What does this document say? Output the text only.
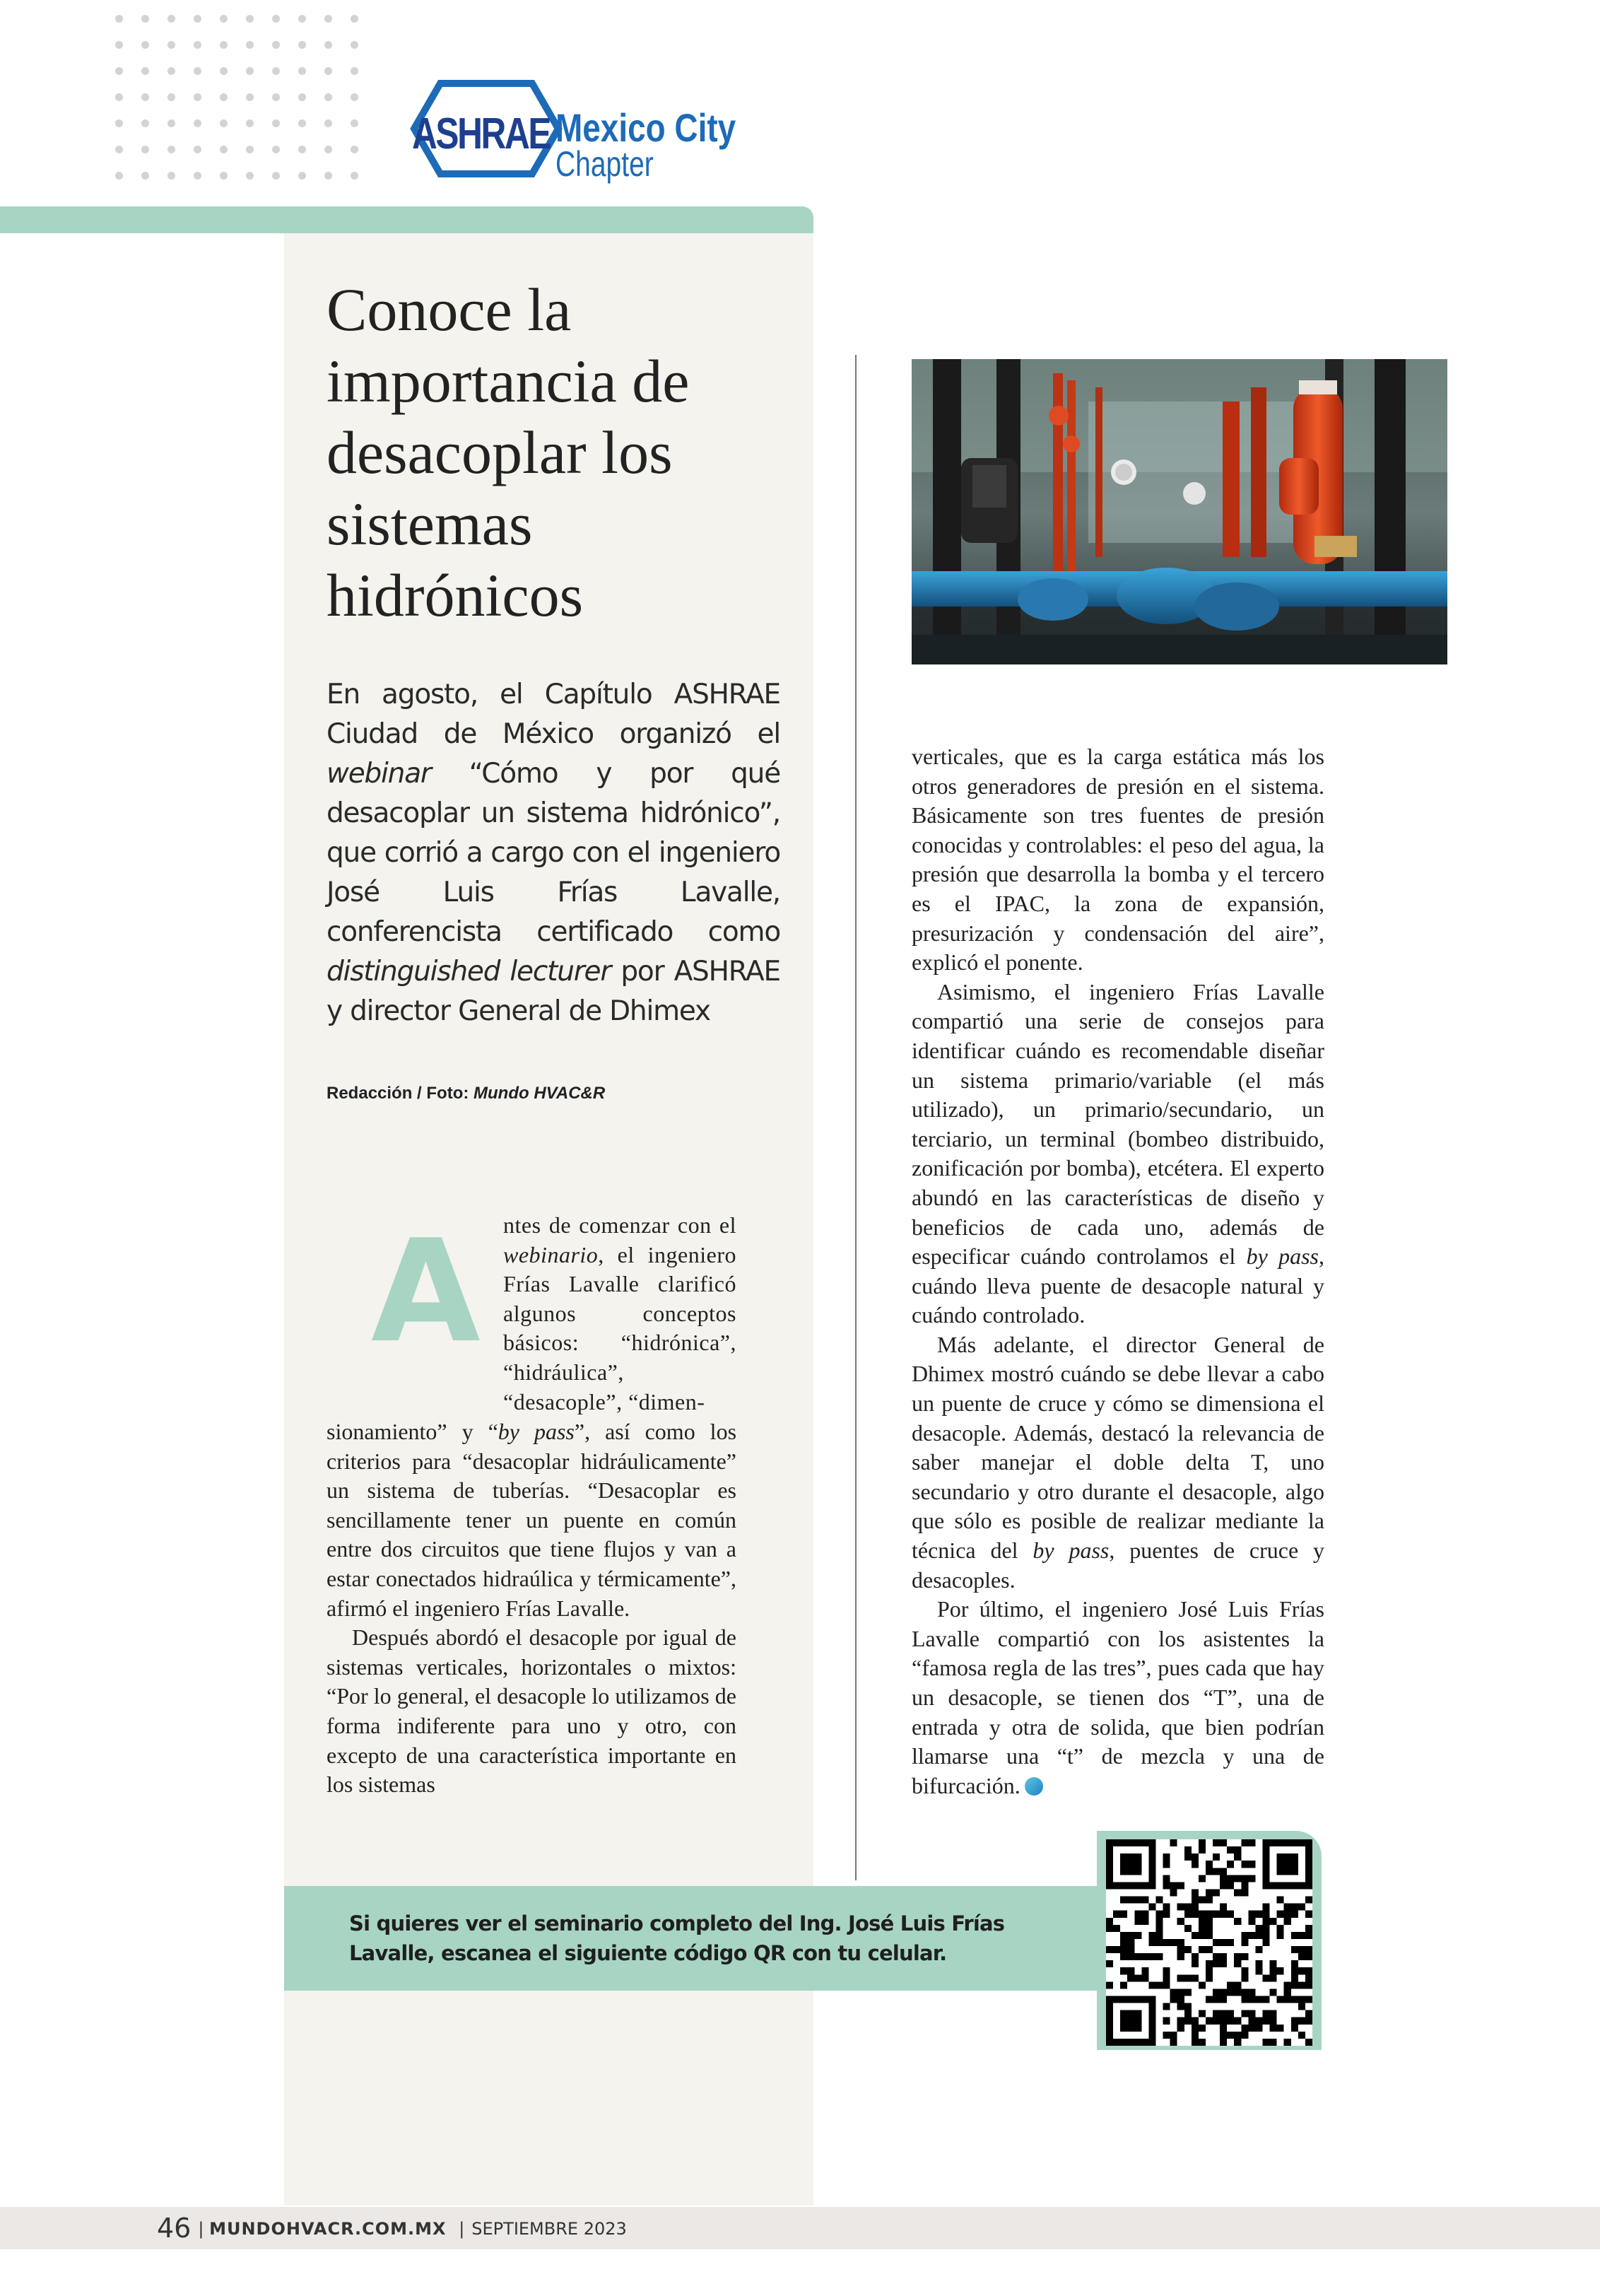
ASHRAE Mexico City
Chapter
Conoce la importancia de desacoplar los sistemas hidrónicos
En agosto, el Capítulo ASHRAE Ciudad de México organizó el webinar “Cómo y por qué desacoplar un sistema hidrónico”, que corrió a cargo con el ingeniero José Luis Frías Lavalle, conferencista certificado como distinguished lecturer por ASHRAE y director General de Dhimex
Redacción / Foto: Mundo HVAC&R
A ntes de comenzar con el webinario, el ingeniero Frías Lavalle clarificó algunos conceptos básicos: “hidrónica”, “hidráulica”, “desacople”, “dimen-

sionamiento” y “by pass”, así como los criterios para “desacoplar hidráulicamente” un sistema de tuberías. “Desacoplar es sencillamente tener un puente en común entre dos circuitos que tiene flujos y van a estar conectados hidraúlica y térmicamente”, afirmó el ingeniero Frías Lavalle.

Después abordó el desacople por igual de sistemas verticales, horizontales o mixtos: “Por lo general, el desacople lo utilizamos de forma indiferente para uno y otro, con excepto de una característica importante en los sistemas

verticales, que es la carga estática más los otros generadores de presión en el sistema. Básicamente son tres fuentes de presión conocidas y controlables: el peso del agua, la presión que desarrolla la bomba y el tercero es el IPAC, la zona de expansión, presurización y condensación del aire”, explicó el ponente.

Asimismo, el ingeniero Frías Lavalle compartió una serie de consejos para identificar cuándo es recomendable diseñar un sistema primario/variable (el más utilizado), un primario/secundario, un terciario, un terminal (bombeo distribuido, zonificación por bomba), etcétera. El experto abundó en las características de diseño y beneficios de cada uno, además de especificar cuándo controlamos el by pass, cuándo lleva puente de desacople natural y cuándo controlado.

Más adelante, el director General de Dhimex mostró cuándo se debe llevar a cabo un puente de cruce y cómo se dimensiona el desacople. Además, destacó la relevancia de saber manejar el doble delta T, uno secundario y otro durante el desacople, algo que sólo es posible de realizar mediante la técnica del by pass, puentes de cruce y desacoples.

Por último, el ingeniero José Luis Frías Lavalle compartió con los asistentes la “famosa regla de las tres”, pues cada que hay un desacople, se tienen dos “T”, una de entrada y otra de solida, que bien podrían llamarse una “t” de mezcla y una de bifurcación.

Si quieres ver el seminario completo del Ing. José Luis Frías Lavalle, escanea el siguiente código QR con tu celular.
46 | MUNDOHVACR.COM.MX | SEPTIEMBRE 2023
